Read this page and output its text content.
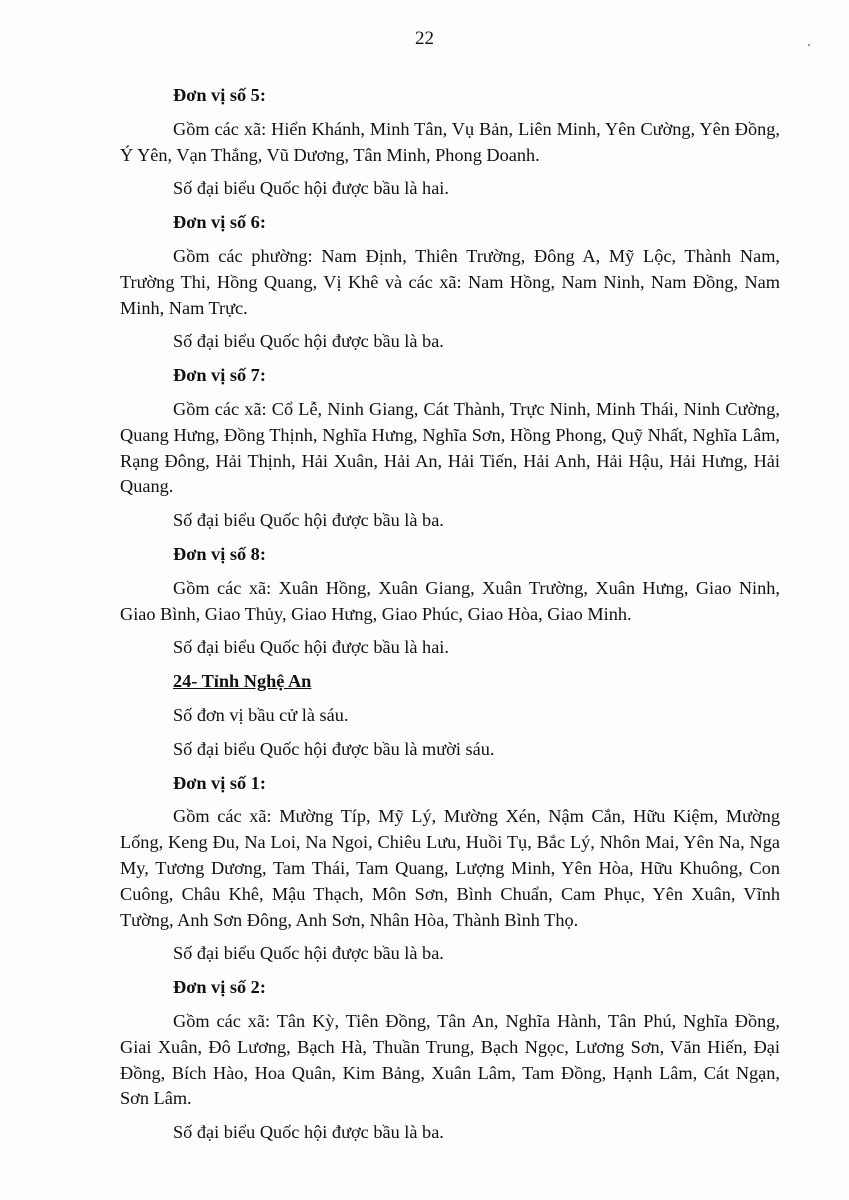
22

Đơn vị số 5:

Gồm các xã: Hiển Khánh, Minh Tân, Vụ Bản, Liên Minh, Yên Cường, Yên Đồng, Ý Yên, Vạn Thắng, Vũ Dương, Tân Minh, Phong Doanh.

Số đại biểu Quốc hội được bầu là hai.

Đơn vị số 6:

Gồm các phường: Nam Định, Thiên Trường, Đông A, Mỹ Lộc, Thành Nam, Trường Thi, Hồng Quang, Vị Khê và các xã: Nam Hồng, Nam Ninh, Nam Đồng, Nam Minh, Nam Trực.

Số đại biểu Quốc hội được bầu là ba.

Đơn vị số 7:

Gồm các xã: Cổ Lễ, Ninh Giang, Cát Thành, Trực Ninh, Minh Thái, Ninh Cường, Quang Hưng, Đồng Thịnh, Nghĩa Hưng, Nghĩa Sơn, Hồng Phong, Quỹ Nhất, Nghĩa Lâm, Rạng Đông, Hải Thịnh, Hải Xuân, Hải An, Hải Tiến, Hải Anh, Hải Hậu, Hải Hưng, Hải Quang.

Số đại biểu Quốc hội được bầu là ba.

Đơn vị số 8:

Gồm các xã: Xuân Hồng, Xuân Giang, Xuân Trường, Xuân Hưng, Giao Ninh, Giao Bình, Giao Thủy, Giao Hưng, Giao Phúc, Giao Hòa, Giao Minh.

Số đại biểu Quốc hội được bầu là hai.

24- Tỉnh Nghệ An

Số đơn vị bầu cử là sáu.

Số đại biểu Quốc hội được bầu là mười sáu.

Đơn vị số 1:

Gồm các xã: Mường Típ, Mỹ Lý, Mường Xén, Nậm Cắn, Hữu Kiệm, Mường Lống, Keng Đu, Na Loi, Na Ngoi, Chiêu Lưu, Huồi Tụ, Bắc Lý, Nhôn Mai, Yên Na, Nga My, Tương Dương, Tam Thái, Tam Quang, Lượng Minh, Yên Hòa, Hữu Khuông, Con Cuông, Châu Khê, Mậu Thạch, Môn Sơn, Bình Chuẩn, Cam Phục, Yên Xuân, Vĩnh Tường, Anh Sơn Đông, Anh Sơn, Nhân Hòa, Thành Bình Thọ.

Số đại biểu Quốc hội được bầu là ba.

Đơn vị số 2:

Gồm các xã: Tân Kỳ, Tiên Đồng, Tân An, Nghĩa Hành, Tân Phú, Nghĩa Đồng, Giai Xuân, Đô Lương, Bạch Hà, Thuần Trung, Bạch Ngọc, Lương Sơn, Văn Hiến, Đại Đồng, Bích Hào, Hoa Quân, Kim Bảng, Xuân Lâm, Tam Đồng, Hạnh Lâm, Cát Ngạn, Sơn Lâm.

Số đại biểu Quốc hội được bầu là ba.
